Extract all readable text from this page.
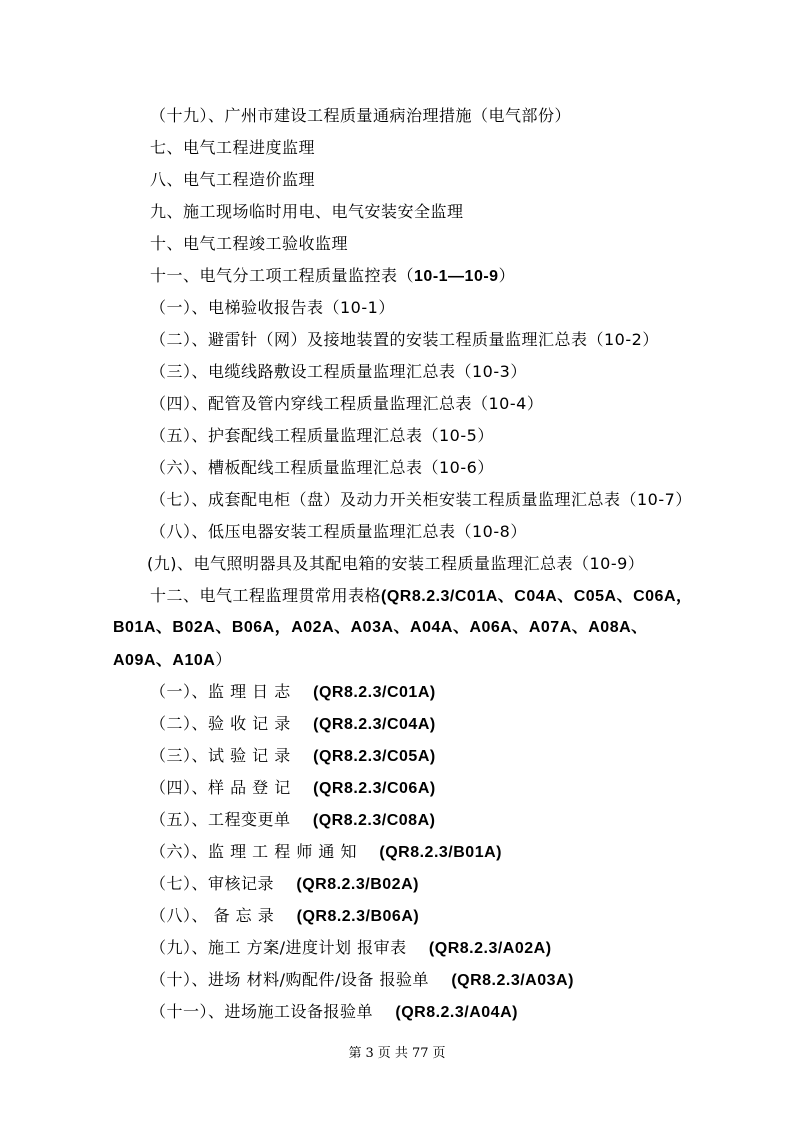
（十九）、广州市建设工程质量通病治理措施（电气部份）
七、电气工程进度监理
八、电气工程造价监理
九、施工现场临时用电、电气安装安全监理
十、电气工程竣工验收监理
十一、电气分工项工程质量监控表（10-1—10-9）
（一）、电梯验收报告表（10-1）
（二）、避雷针（网）及接地装置的安装工程质量监理汇总表（10-2）
（三）、电缆线路敷设工程质量监理汇总表（10-3）
（四）、配管及管内穿线工程质量监理汇总表（10-4）
（五）、护套配线工程质量监理汇总表（10-5）
（六）、槽板配线工程质量监理汇总表（10-6）
（七）、成套配电柜（盘）及动力开关柜安装工程质量监理汇总表（10-7）
（八）、低压电器安装工程质量监理汇总表（10-8）
(九)、电气照明器具及其配电箱的安装工程质量监理汇总表（10-9）
十二、电气工程监理贯常用表格(QR8.2.3/C01A、C04A、C05A、C06A，
B01A、B02A、B06A，A02A、A03A、A04A、A06A、A07A、A08A、
A09A、A10A）
（一）、监 理 日 志 (QR8.2.3/C01A)
（二）、验 收 记 录 (QR8.2.3/C04A)
（三）、试 验 记 录 (QR8.2.3/C05A)
（四）、样 品 登 记 (QR8.2.3/C06A)
（五）、工程变更单 (QR8.2.3/C08A)
（六）、监 理 工 程 师 通 知 (QR8.2.3/B01A)
（七）、审核记录 (QR8.2.3/B02A)
（八）、 备 忘 录 (QR8.2.3/B06A)
（九）、施工 方案/进度计划 报审表 (QR8.2.3/A02A)
（十）、进场 材料/购配件/设备 报验单 (QR8.2.3/A03A)
（十一）、进场施工设备报验单 (QR8.2.3/A04A)
第 3 页 共 77 页
